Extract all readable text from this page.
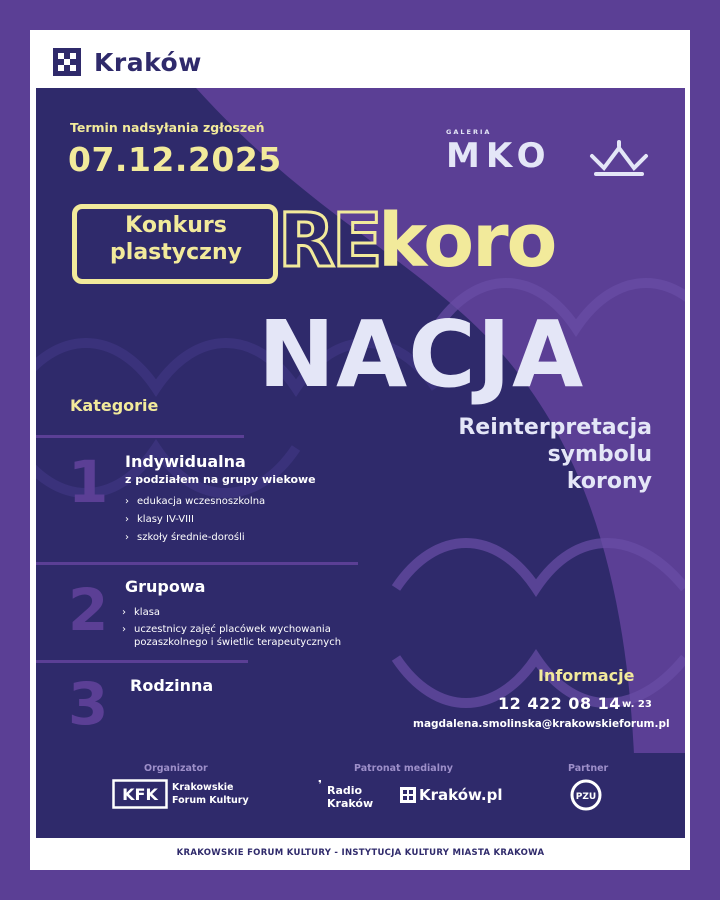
Kraków
Termin nadsyłania zgłoszeń
07.12.2025
GALERIA
MKO
Konkurs
plastyczny RE
koro
NACJA
Reinterpretacja
symbolu
korony
Kategorie
1 Indywidualna
z podziałem na grupy wiekowe
› edukacja wczesnoszkolna
› klasy IV-VIII
› szkoły średnie-dorośli
2 Grupowa
› klasa
› uczestnicy zajęć placówek wychowania
pozaszkolnego i świetlic terapeutycznych
3 Rodzinna
Informacje
12 422 08 14 w. 23
magdalena.smolinska@krakowskieforum.pl
Organizator
KFK Krakowskie
Forum Kultury
Patronat medialny
❜ Radio
Kraków	Kraków.pl
Partner
PZU
KRAKOWSKIE FORUM KULTURY - INSTYTUCJA KULTURY MIASTA KRAKOWA
